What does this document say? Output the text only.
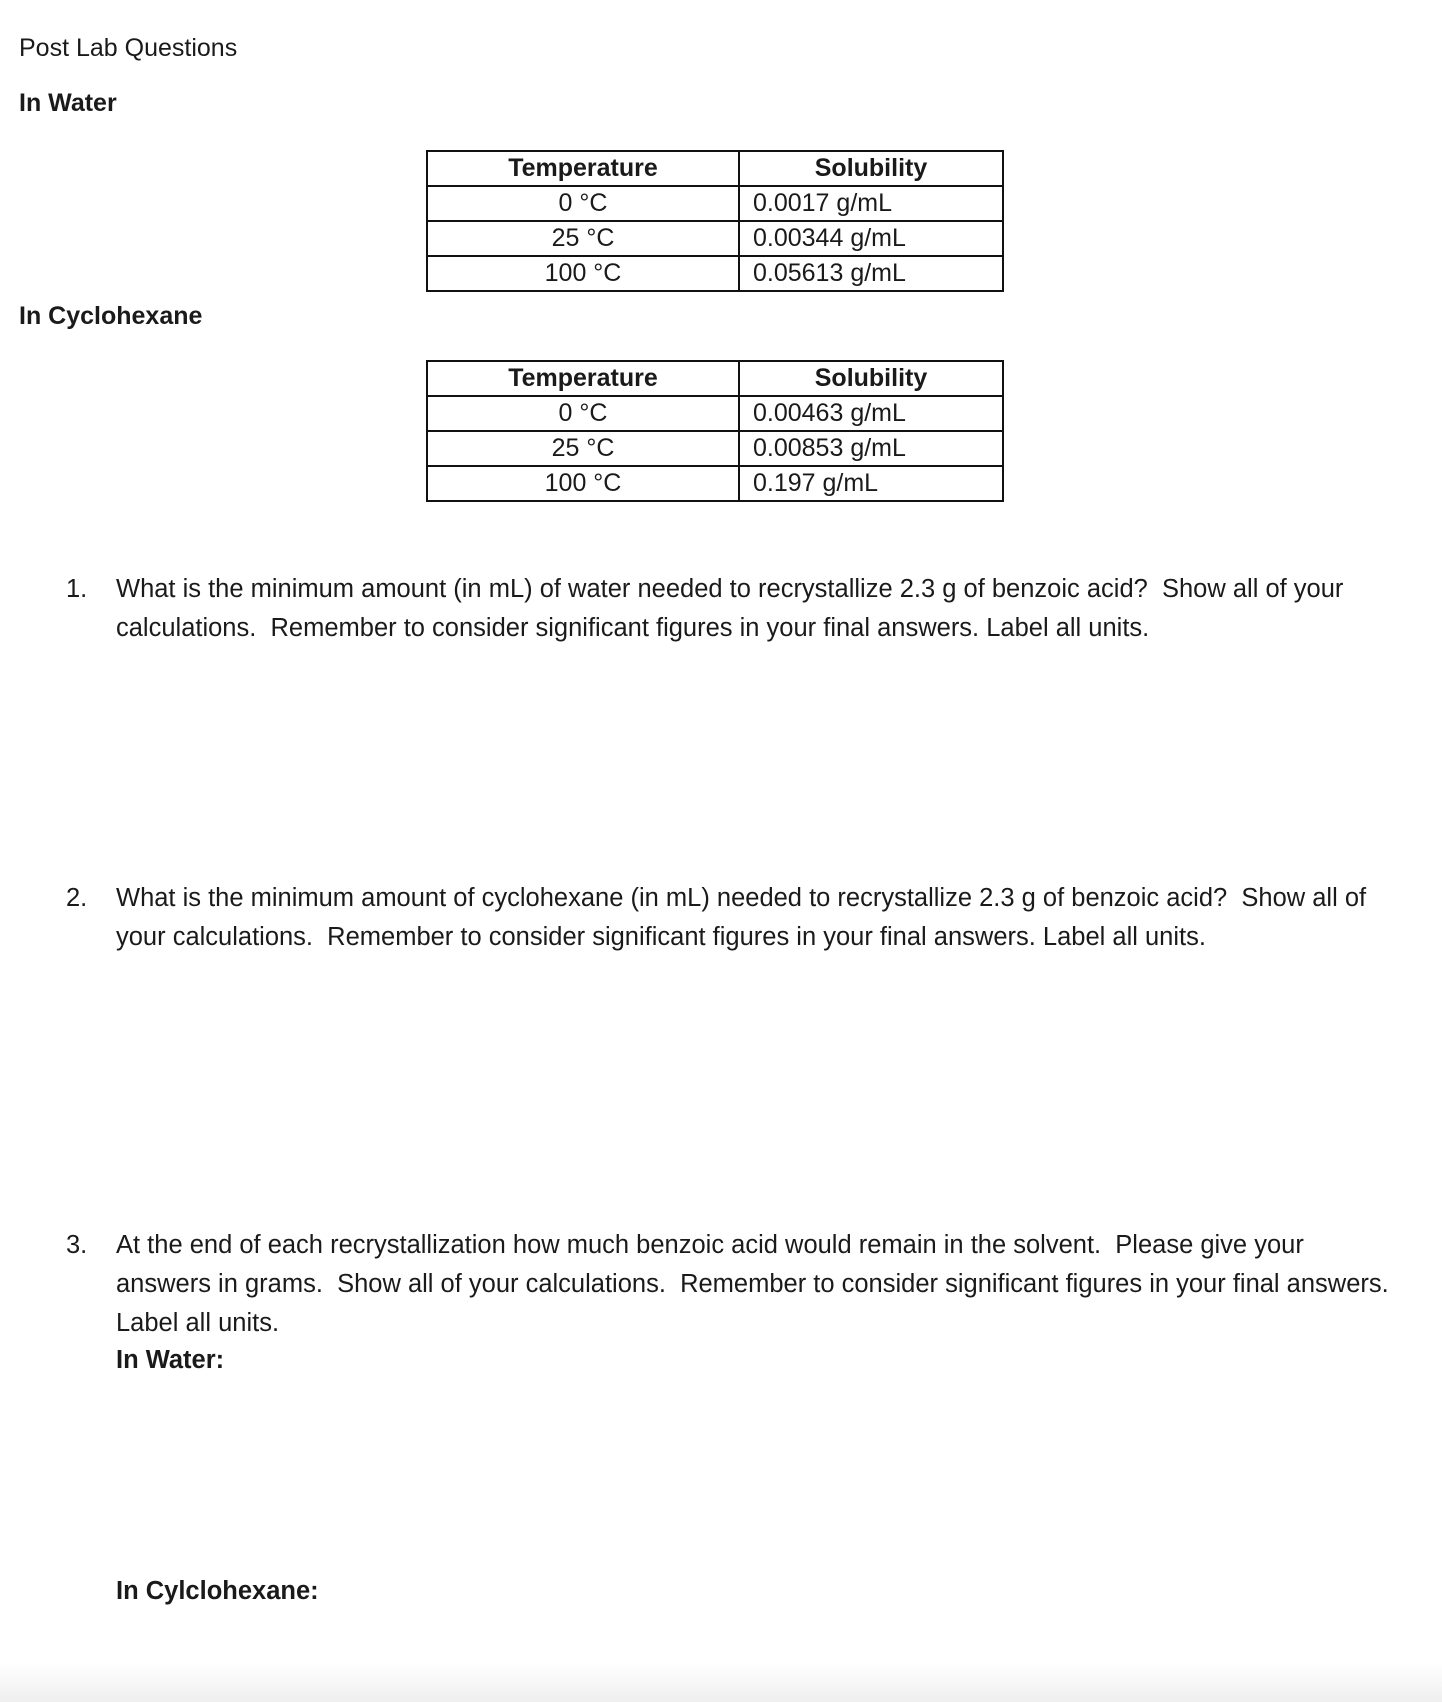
Post Lab Questions
In Water
Temperature	Solubility
0 °C	0.0017 g/mL
25 °C	0.00344 g/mL
100 °C	0.05613 g/mL
In Cyclohexane
Temperature	Solubility
0 °C	0.00463 g/mL
25 °C	0.00853 g/mL
100 °C	0.197 g/mL
1. What is the minimum amount (in mL) of water needed to recrystallize 2.3 g of benzoic acid?  Show all of your
calculations.  Remember to consider significant figures in your final answers. Label all units.
2. What is the minimum amount of cyclohexane (in mL) needed to recrystallize 2.3 g of benzoic acid?  Show all of
your calculations.  Remember to consider significant figures in your final answers. Label all units.
3. At the end of each recrystallization how much benzoic acid would remain in the solvent.  Please give your
answers in grams.  Show all of your calculations.  Remember to consider significant figures in your final answers.
Label all units.
In Water:
In Cylclohexane:
